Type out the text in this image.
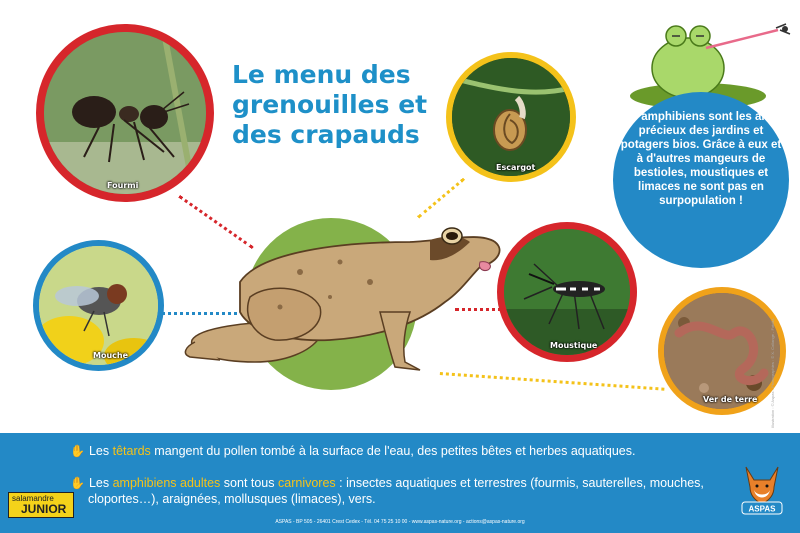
Le menu des
grenouilles et
des crapauds
Fourmi
Mouche
Escargot
Moustique
Ver de terre
Les amphibiens sont les alliés précieux des jardins et potagers bios. Grâce à eux et à d'autres mangeurs de bestioles, moustiques et limaces ne sont pas en surpopulation !
Illustration : © Aspas - Photographies : © X. Collange - Fotolia
✋ Les têtards mangent du pollen tombé à la surface de l'eau, des petites bêtes et herbes aquatiques.
✋ Les amphibiens adultes sont tous carnivores : insectes aquatiques et terrestres (fourmis, sauterelles, mouches,
cloportes…), araignées, mollusques (limaces), vers.
ASPAS - BP 505 - 26401 Crest Cedex - Tél. 04 75 25 10 00 - www.aspas-nature.org - actions@aspas-nature.org
salamandre
JUNIOR	ASPAS
